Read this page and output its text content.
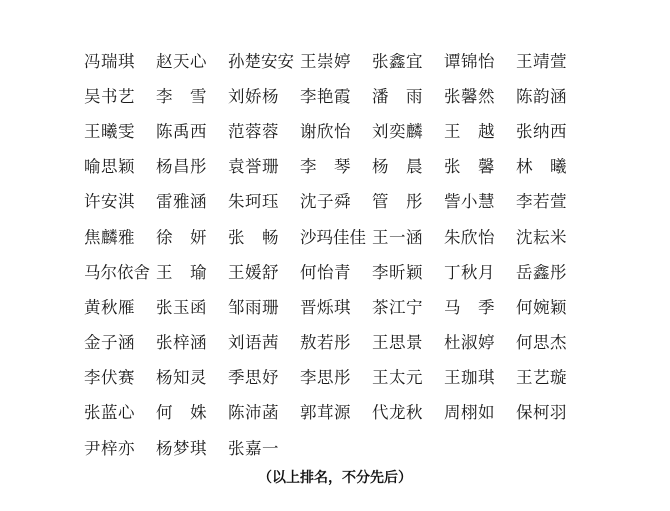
冯瑞琪	赵天心	孙楚安安 王崇婷	张鑫宜	谭锦怡	王靖萱
吴书艺	李　雪	刘娇杨	李艳霞	潘　雨	张馨然	陈韵涵
王曦雯	陈禹西	范蓉蓉	谢欣怡	刘奕麟	王　越	张纳西
喻思颖	杨昌彤	袁誉珊	李　琴	杨　晨	张　馨	林　曦
许安淇	雷雅涵	朱珂珏	沈子舜	管　彤	訾小慧	李若萱
焦麟雅	徐　妍	张　畅	沙玛佳佳 王一涵	朱欣怡	沈耘米
马尔依舍 王　瑜	王媛舒	何怡青	李昕颖	丁秋月	岳鑫彤
黄秋雁	张玉函	邹雨珊	晋烁琪	茶江宁	马　季	何婉颖
金子涵	张梓涵	刘语茜	敖若彤	王思景	杜淑婷	何思杰
李伏赛	杨知灵	季思妤	李思彤	王太元	王珈琪	王艺璇
张蓝心	何　姝	陈沛菡	郭茸源	代龙秋	周栩如	保柯羽
尹梓亦	杨梦琪	张嘉一
（以上排名，不分先后）
